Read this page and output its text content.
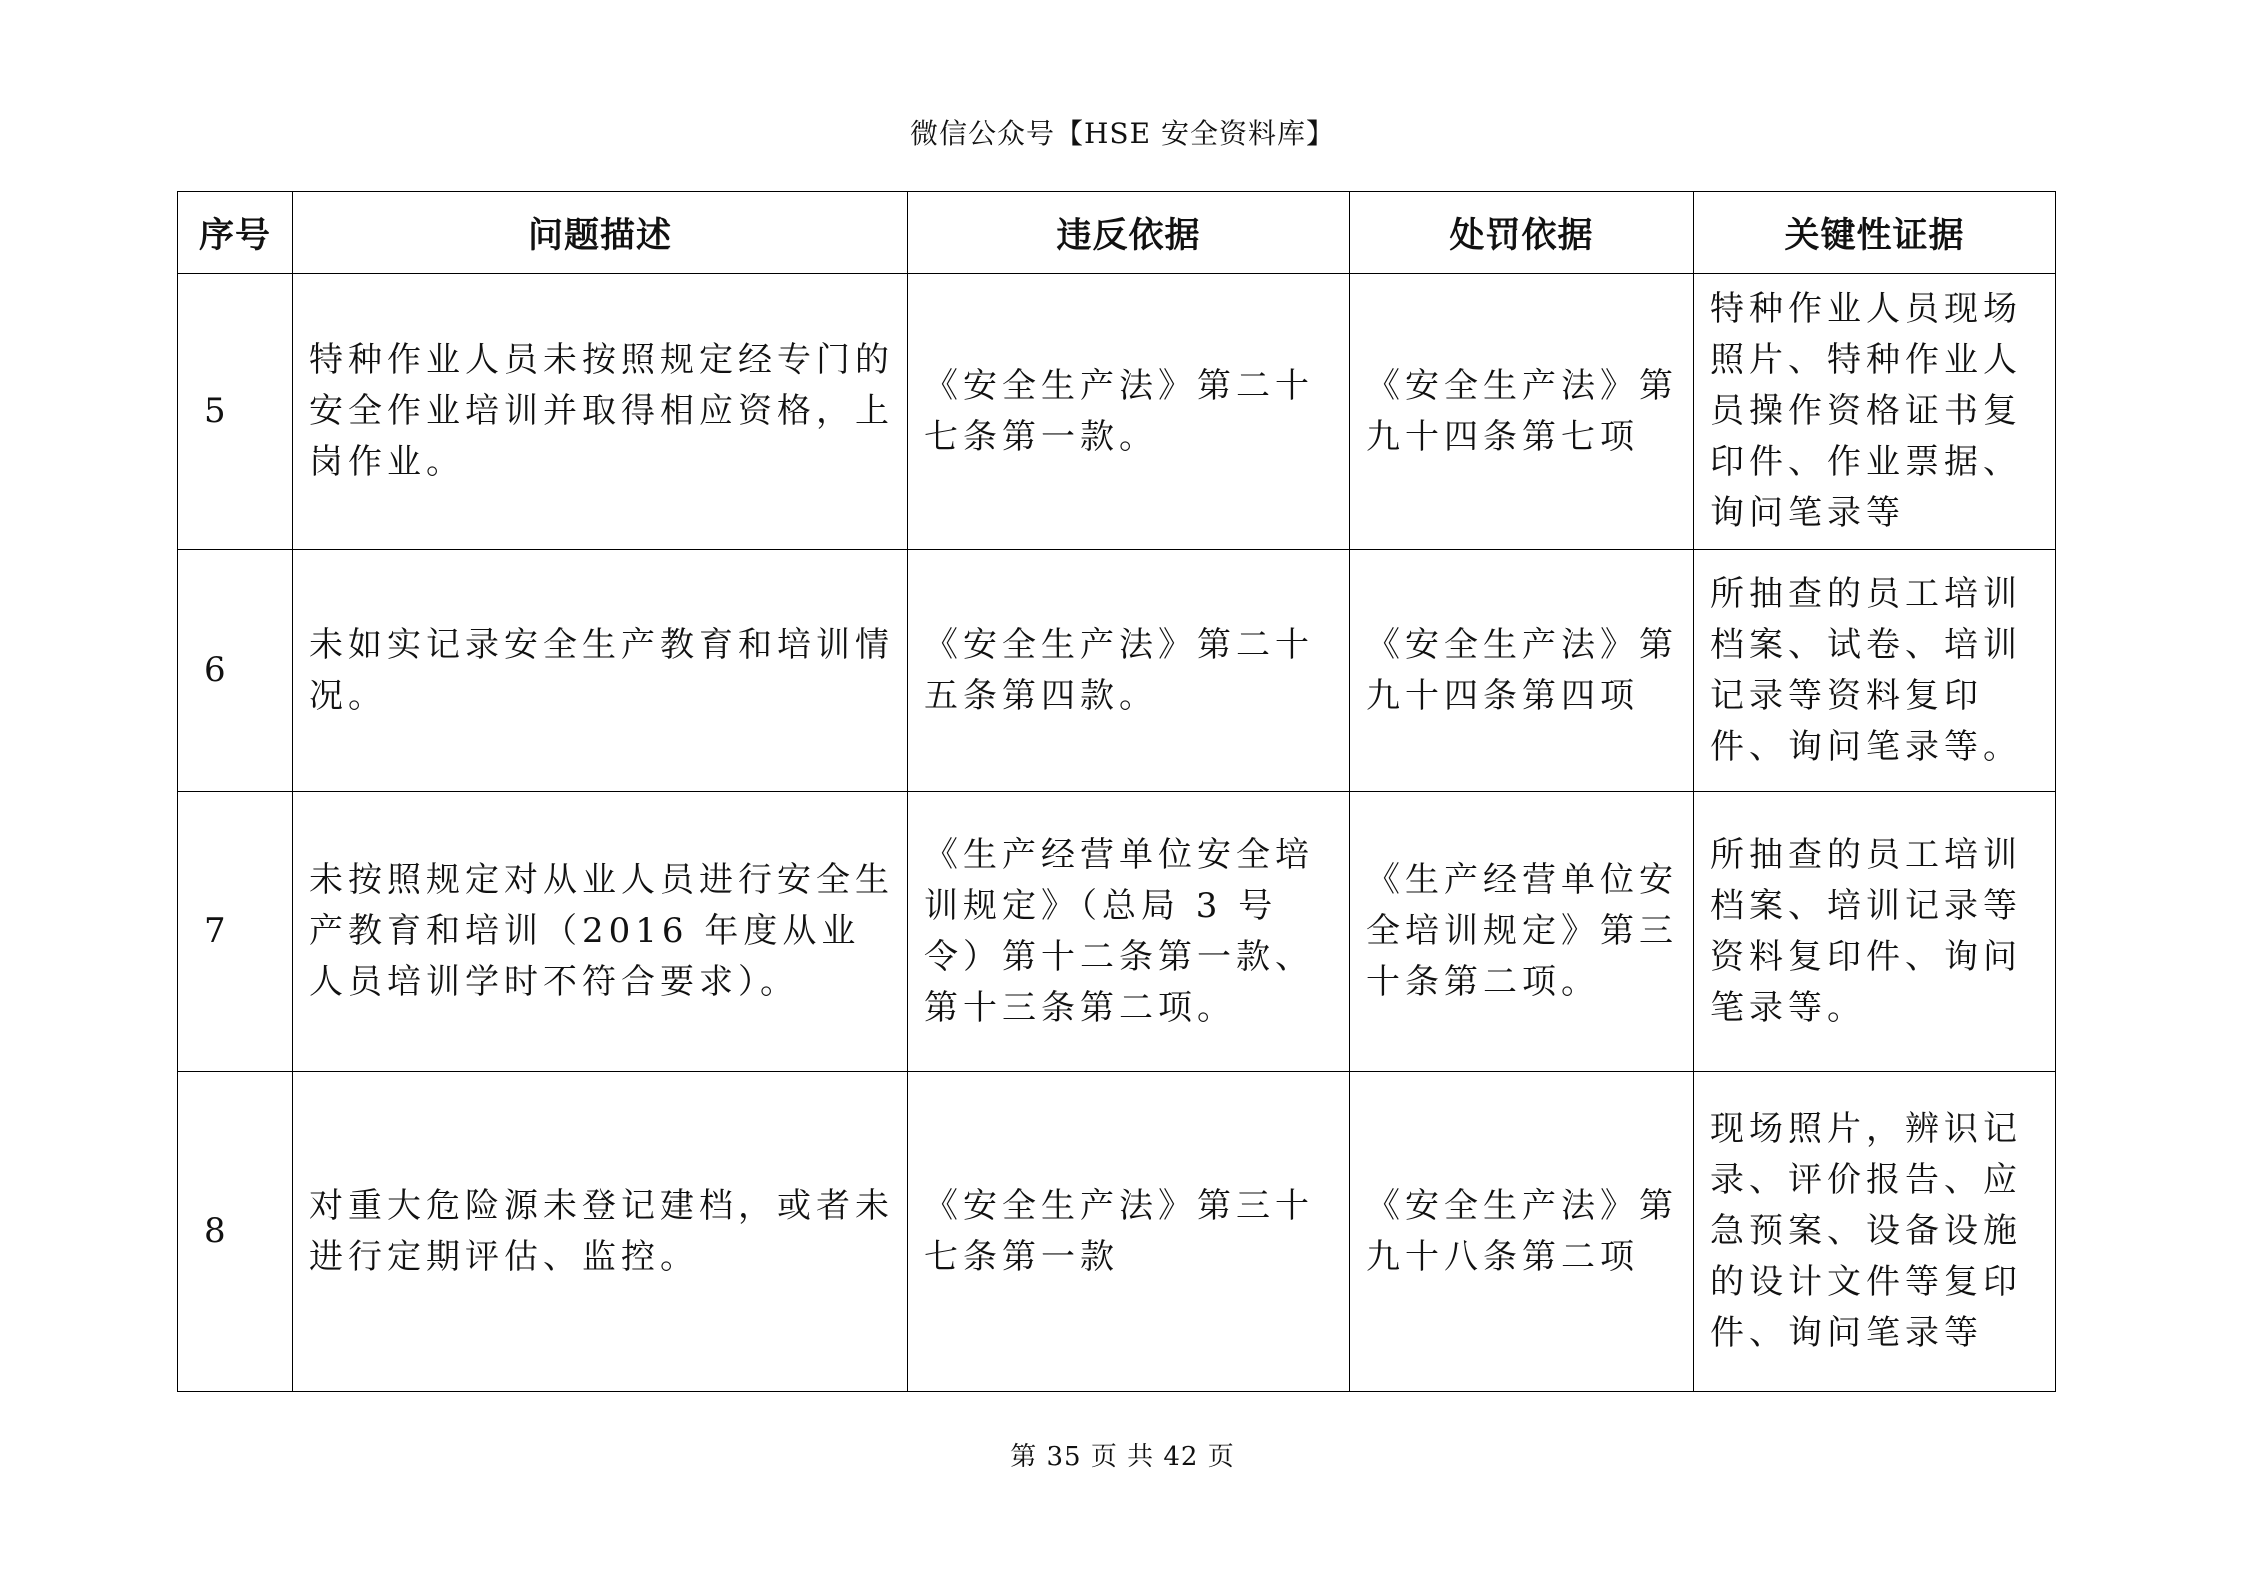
微信公众号【HSE 安全资料库】
序号	问题描述	违反依据	处罚依据	关键性证据
5	特种作业人员未按照规定经专门的安全作业培训并取得相应资格，上岗作业。	《安全生产法》第二十七条第一款。	《安全生产法》第九十四条第七项	特种作业人员现场照片、特种作业人员操作资格证书复印件、作业票据、询问笔录等
6	未如实记录安全生产教育和培训情况。	《安全生产法》第二十五条第四款。	《安全生产法》第九十四条第四项	所抽查的员工培训档案、试卷、培训记录等资料复印件、询问笔录等。
7	未按照规定对从业人员进行安全生产教育和培训（2016 年度从业人员培训学时不符合要求）。	《生产经营单位安全培训规定》（总局 3 号令）第十二条第一款、第十三条第二项。	《生产经营单位安全培训规定》第三十条第二项。	所抽查的员工培训档案、培训记录等资料复印件、询问笔录等。
8	对重大危险源未登记建档，或者未进行定期评估、监控。	《安全生产法》第三十七条第一款	《安全生产法》第九十八条第二项	现场照片，辨识记录、评价报告、应急预案、设备设施的设计文件等复印件、询问笔录等
第 35 页 共 42 页
